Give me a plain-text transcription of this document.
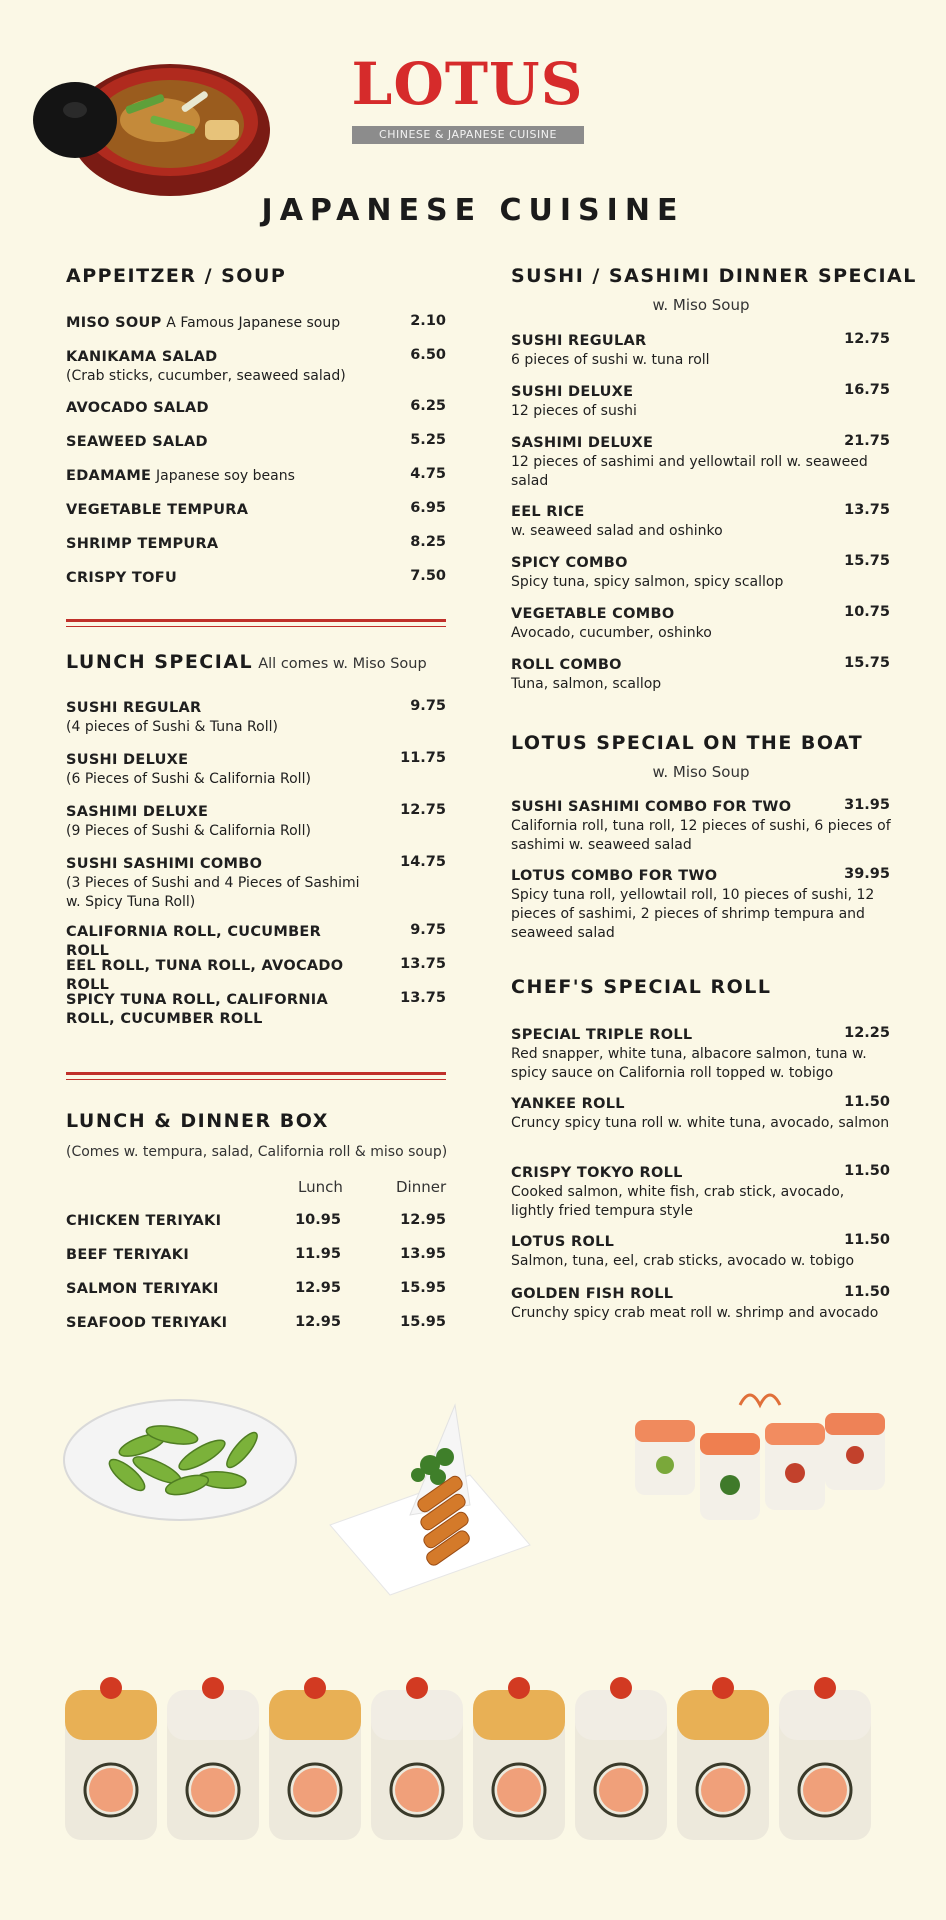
LOTUS
CHINESE & JAPANESE CUISINE
JAPANESE CUISINE
APPEITZER / SOUP
MISO SOUP A Famous Japanese soup	2.10
KANIKAMA SALAD
(Crab sticks, cucumber, seaweed salad)
6.50
AVOCADO SALAD	6.25
SEAWEED SALAD	5.25
EDAMAME Japanese soy beans	4.75
VEGETABLE TEMPURA	6.95
SHRIMP TEMPURA	8.25
CRISPY TOFU	7.50
LUNCH SPECIAL All comes w. Miso Soup
SUSHI REGULAR
(4 pieces of Sushi & Tuna Roll)
9.75
SUSHI DELUXE
(6 Pieces of Sushi & California Roll)
11.75
SASHIMI DELUXE
(9 Pieces of Sushi & California Roll)
12.75
SUSHI SASHIMI COMBO
(3 Pieces of Sushi and 4 Pieces of Sashimi w. Spicy Tuna Roll)
14.75
CALIFORNIA ROLL, CUCUMBER ROLL
9.75
EEL ROLL, TUNA ROLL, AVOCADO ROLL
13.75
SPICY TUNA ROLL, CALIFORNIA ROLL, CUCUMBER ROLL
13.75
LUNCH & DINNER BOX
(Comes w. tempura, salad, California roll & miso soup)
Lunch	Dinner
CHICKEN TERIYAKI	10.95	12.95
BEEF TERIYAKI	11.95	13.95
SALMON TERIYAKI	12.95	15.95
SEAFOOD TERIYAKI	12.95	15.95
SUSHI / SASHIMI DINNER SPECIAL
w. Miso Soup
SUSHI REGULAR
6 pieces of sushi w. tuna roll
12.75
SUSHI DELUXE
12 pieces of sushi
16.75
SASHIMI DELUXE
12 pieces of sashimi and yellowtail roll w. seaweed salad
21.75
EEL RICE
w. seaweed salad and oshinko
13.75
SPICY COMBO
Spicy tuna, spicy salmon, spicy scallop
15.75
VEGETABLE COMBO
Avocado, cucumber, oshinko
10.75
ROLL COMBO
Tuna, salmon, scallop
15.75
LOTUS SPECIAL ON THE BOAT
w. Miso Soup
SUSHI SASHIMI COMBO FOR TWO
California roll, tuna roll, 12 pieces of sushi, 6 pieces of sashimi w. seaweed salad
31.95
LOTUS COMBO FOR TWO
Spicy tuna roll, yellowtail roll, 10 pieces of sushi, 12 pieces of sashimi, 2 pieces of shrimp tempura and seaweed salad
39.95
CHEF'S SPECIAL ROLL
SPECIAL TRIPLE ROLL
Red snapper, white tuna, albacore salmon, tuna w. spicy sauce on California roll topped w. tobigo
12.25
YANKEE ROLL
Cruncy spicy tuna roll w. white tuna, avocado, salmon
11.50
CRISPY TOKYO ROLL
Cooked salmon, white fish, crab stick, avocado, lightly fried tempura style
11.50
LOTUS ROLL
Salmon, tuna, eel, crab sticks, avocado w. tobigo
11.50
GOLDEN FISH ROLL
Crunchy spicy crab meat roll w. shrimp and avocado
11.50
